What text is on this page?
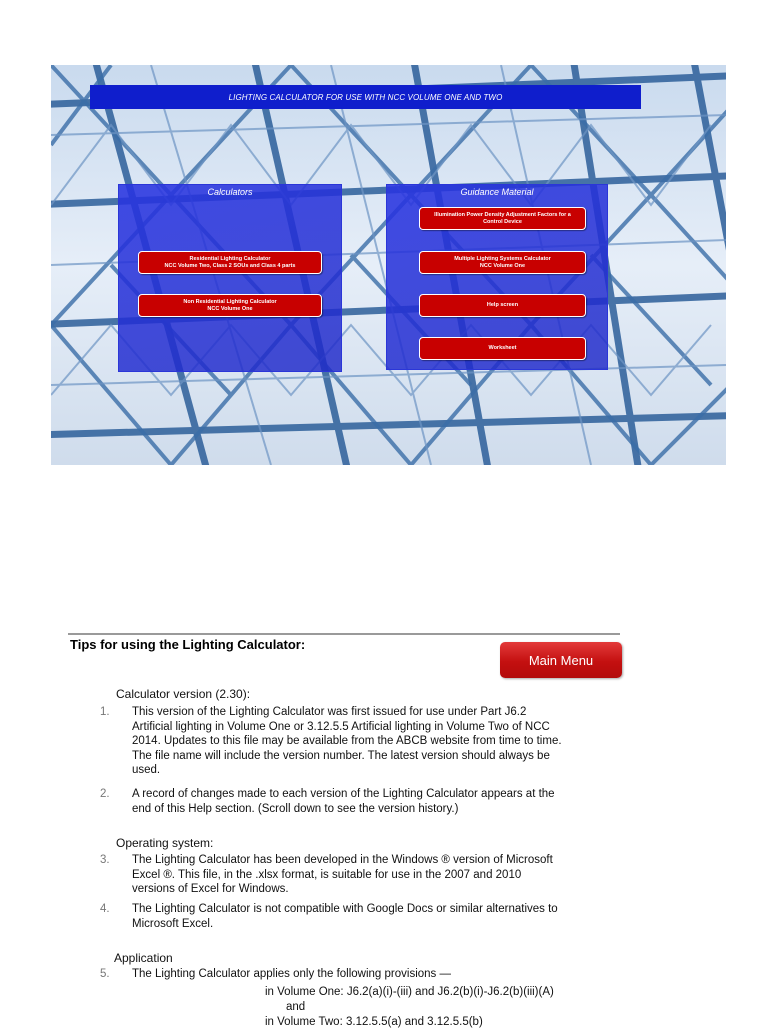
LIGHTING CALCULATOR FOR USE WITH NCC VOLUME ONE AND TWO
Calculators
Residential Lighting Calculator
NCC Volume Two, Class 2 SOUs and Class 4 parts
Non Residential Lighting Calculator
NCC Volume One
Guidance Material
Illumination Power Density Adjustment Factors for a
Control Device
Multiple Lighting Systems Calculator
NCC Volume One
Help screen
Worksheet
Tips for using the Lighting Calculator:
Main Menu
Calculator version (2.30):
1. This version of the Lighting Calculator was first issued for use under Part J6.2
Artificial lighting in Volume One or 3.12.5.5 Artificial lighting in Volume Two of NCC
2014. Updates to this file may be available from the ABCB website from time to time.
The file name will include the version number. The latest version should always be
used.
2. A record of changes made to each version of the Lighting Calculator appears at the
end of this Help section. (Scroll down to see the version history.)
Operating system:
3. The Lighting Calculator has been developed in the Windows ® version of Microsoft
Excel ®. This file, in the .xlsx format, is suitable for use in the 2007 and 2010
versions of Excel for Windows.
4. The Lighting Calculator is not compatible with Google Docs or similar alternatives to
Microsoft Excel.
Application
5. The Lighting Calculator applies only the following provisions —
in Volume One: J6.2(a)(i)-(iii) and J6.2(b)(i)-J6.2(b)(iii)(A)
and
in Volume Two: 3.12.5.5(a) and 3.12.5.5(b)
